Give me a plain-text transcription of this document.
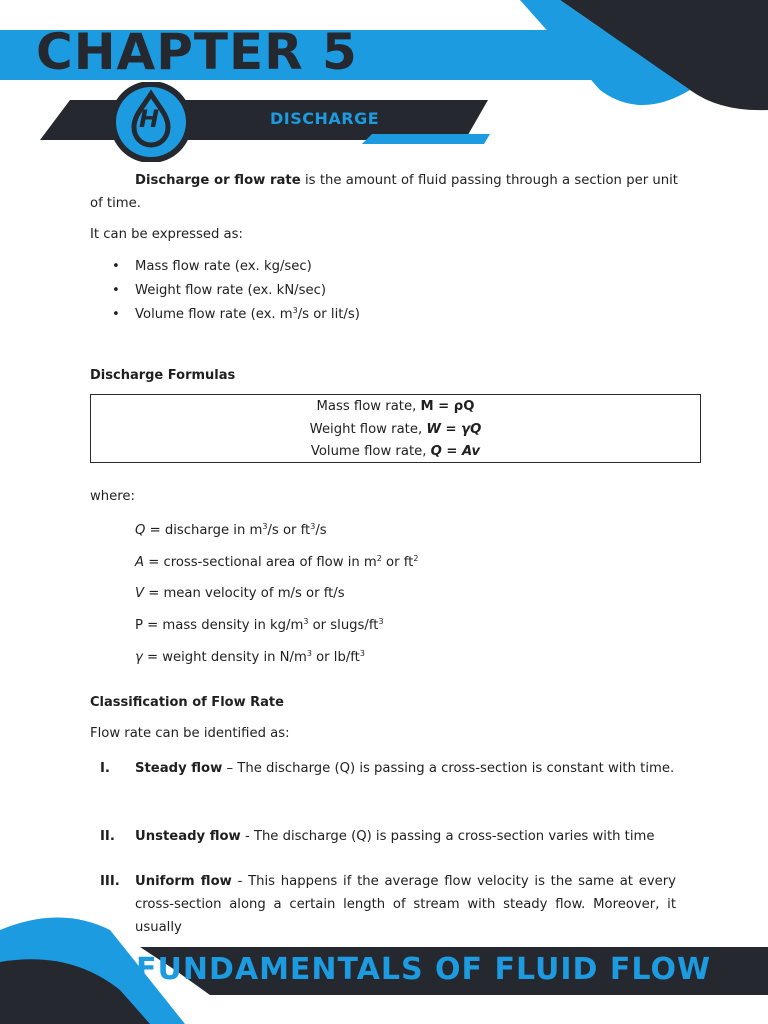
CHAPTER 5
H	DISCHARGE
Discharge or flow rate is the amount of fluid passing through a section per unit of time.
It can be expressed as:
• Mass flow rate (ex. kg/sec)
• Weight flow rate (ex. kN/sec)
• Volume flow rate (ex. $m^3/s$ or lit/s)
Discharge Formulas
Mass flow rate, M = ρQ
Weight flow rate, W = γQ
Volume flow rate, Q = Av
where:
Q = discharge in $m^3/s$ or $ft^3/s$
A = cross-sectional area of flow in $m^2$ or $ft^2$
V = mean velocity of m/s or ft/s
P = mass density in $kg/m^3$ or slugs/$ft^3$
γ = weight density in $N/m^3$ or $lb/ft^3$
Classification of Flow Rate
Flow rate can be identified as:
I. Steady flow – The discharge (Q) is passing a cross-section is constant with time.
II. Unsteady flow - The discharge (Q) is passing a cross-section varies with time
III. Uniform flow - This happens if the average flow velocity is the same at every cross-section along a certain length of stream with steady flow. Moreover, it usually
FUNDAMENTALS OF FLUID FLOW
